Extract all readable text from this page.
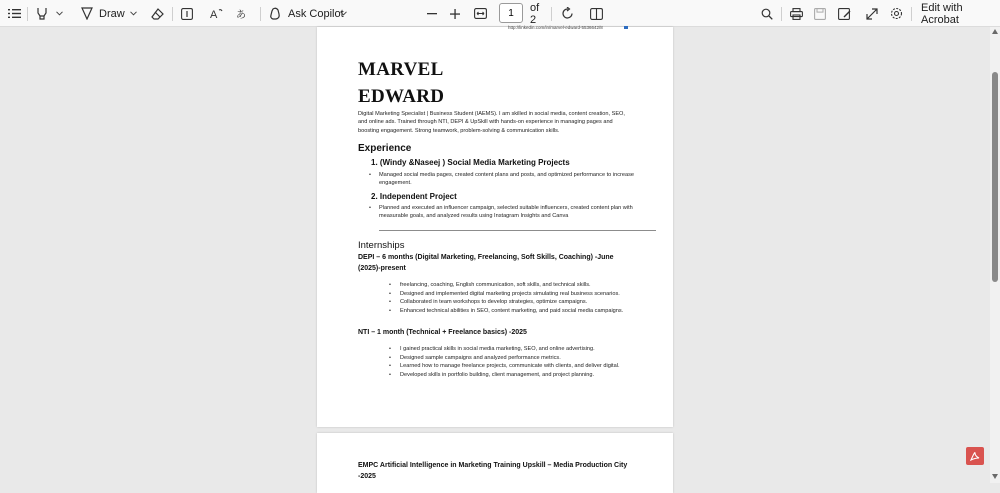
Draw	A あ	Ask Copilot
1	of 2
Edit with Acrobat
http://linkedin.com/in/marvel-edward-5536642/8
MARVEL
EDWARD
Digital Marketing Specialist | Business Student (IAEMS). I am skilled in social media, content creation, SEO, and online ads. Trained through NTI, DEPI & UpSkill with hands-on experience in managing pages and boosting engagement. Strong teamwork, problem-solving & communication skills.
Experience
1. (Windy &Naseej ) Social Media Marketing Projects
• Managed social media pages, created content plans and posts, and optimized performance to increase engagement.
2. Independent Project
• Planned and executed an influencer campaign, selected suitable influencers, created content plan with measurable goals, and analyzed results using Instagram Insights and Canva
Internships
DEPI – 6 months (Digital Marketing, Freelancing, Soft Skills, Coaching) -June
(2025)-present
• freelancing, coaching, English communication, soft skills, and technical skills.
• Designed and implemented digital marketing projects simulating real business scenarios.
• Collaborated in team workshops to develop strategies, optimize campaigns.
• Enhanced technical abilities in SEO, content marketing, and paid social media campaigns.
NTI – 1 month (Technical + Freelance basics) -2025
• I gained practical skills in social media marketing, SEO, and online advertising.
• Designed sample campaigns and analyzed performance metrics.
• Learned how to manage freelance projects, communicate with clients, and deliver digital.
• Developed skills in portfolio building, client management, and project planning.
EMPC Artificial Intelligence in Marketing Training Upskill – Media Production City
-2025
